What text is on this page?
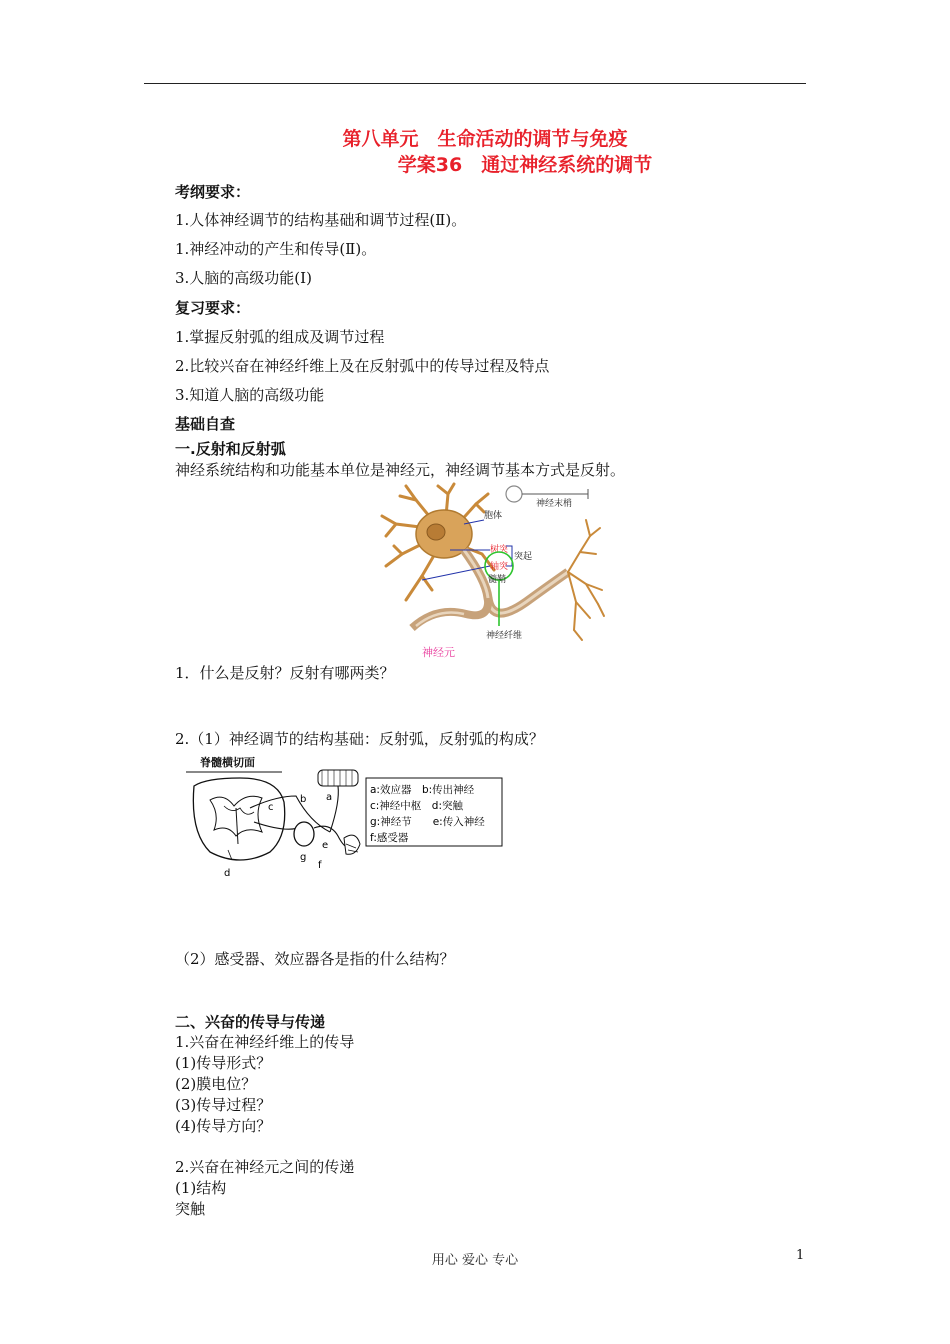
第八单元　生命活动的调节与免疫
学案36　通过神经系统的调节
考纲要求：
1.人体神经调节的结构基础和调节过程(Ⅱ)。
1.神经冲动的产生和传导(Ⅱ)。
3.人脑的高级功能(Ⅰ)
复习要求：
1.掌握反射弧的组成及调节过程
2.比较兴奋在神经纤维上及在反射弧中的传导过程及特点
3.知道人脑的高级功能
基础自查
一.反射和反射弧
神经系统结构和功能基本单位是神经元，神经调节基本方式是反射。
神经末梢
胞体
树突
轴突
突起
髓鞘
神经纤维
神经元
1．什么是反射？反射有哪两类？
2.（1）神经调节的结构基础：反射弧，反射弧的构成？
脊髓横切面
b a
c
d
e
f
g
a:效应器　b:传出神经
c:神经中枢　d:突触
g:神经节　　e:传入神经
f:感受器
（2）感受器、效应器各是指的什么结构？
二、兴奋的传导与传递
1.兴奋在神经纤维上的传导
(1)传导形式？
(2)膜电位？
(3)传导过程？
(4)传导方向？
2.兴奋在神经元之间的传递
(1)结构
突触
用心 爱心 专心	1
